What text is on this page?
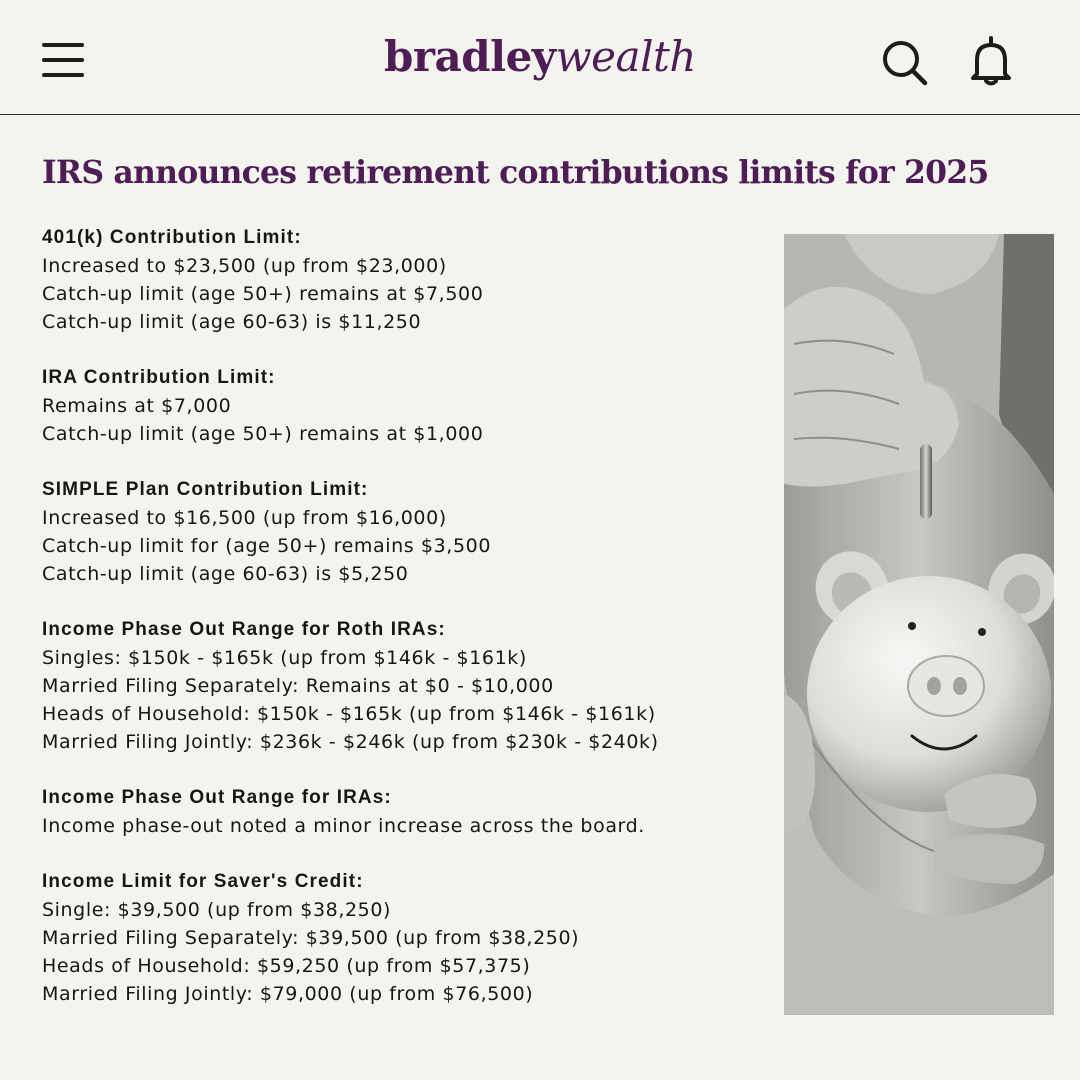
bradleywealth
IRS announces retirement contributions limits for 2025
401(k) Contribution Limit:
Increased to $23,500 (up from $23,000)
Catch-up limit (age 50+) remains at $7,500
Catch-up limit (age 60-63) is $11,250
IRA Contribution Limit:
Remains at $7,000
Catch-up limit (age 50+) remains at $1,000
SIMPLE Plan Contribution Limit:
Increased to $16,500 (up from $16,000)
Catch-up limit for (age 50+) remains $3,500
Catch-up limit (age 60-63) is $5,250
Income Phase Out Range for Roth IRAs:
Singles: $150k - $165k (up from $146k - $161k)
Married Filing Separately: Remains at $0 - $10,000
Heads of Household: $150k - $165k (up from $146k - $161k)
Married Filing Jointly: $236k - $246k (up from $230k - $240k)
Income Phase Out Range for IRAs:
Income phase-out noted a minor increase across the board.
Income Limit for Saver's Credit:
Single: $39,500 (up from $38,250)
Married Filing Separately: $39,500 (up from $38,250)
Heads of Household: $59,250 (up from $57,375)
Married Filing Jointly: $79,000 (up from $76,500)
